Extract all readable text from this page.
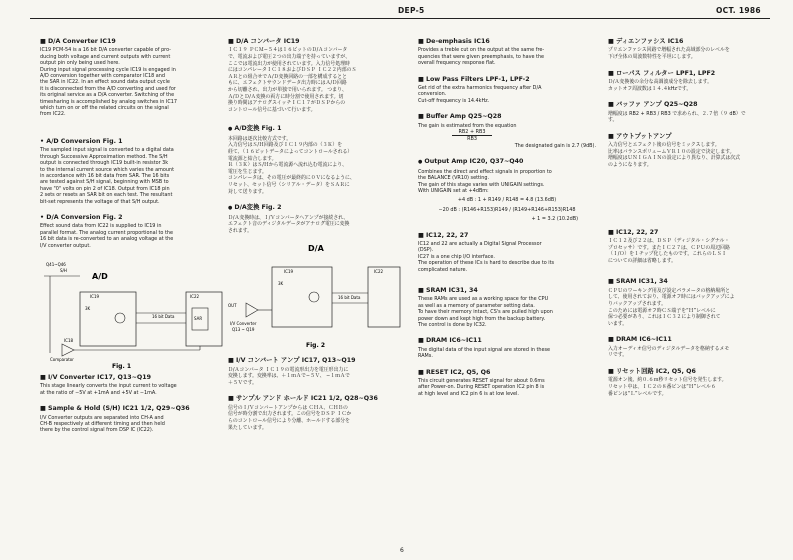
DEP-5	OCT. 1986
■ D/A Converter IC19
IC19 PCM-54 is a 16 bit D/A converter capable of pro-
ducing both voltage and current outputs with current
output pin only being used here.
During input signal processing cycle IC19 is engaged in
A/D conversion together with comparator IC18 and
the SAR in IC22. In an effect sound data output cycle
it is disconnected from the A/D converting and used for
its original service as a D/A converter. Switching of the
timesharing is accomplished by analog switches in IC17
which turn on or off the related circuits on the signal
from IC22.
• A/D Conversion Fig. 1
The sampled input signal is converted to a digital data
through Successive Approximation method. The S/H
output is connected through IC19 built-in resistor 3k
to the internal current source which varies the amount
in accordance with 16 bit data from SAR. The 16 bits
are tested against S/H signal, beginning with MSB to
have "0" volts on pin 2 of IC18. Output from IC18 pin
2 sets or resets an SAR bit on each test. The resultant
bit-set represents the voltage of that S/H output.
• D/A Conversion Fig. 2
Effect sound data from IC22 is supplied to IC19 in
parallel format. The analog current proportional to the
16 bit data is re-converted to an analog voltage at the
I/V converter output.
Q41~Q46
A/D
S/H
IC19
3K
IC22
SAR
16 bit Data
IC18
Comparator
Fig. 1
■ I/V Converter IC17, Q13~Q19
This stage linearly converts the input current to voltage
at the ratio of −5V at +1mA and +5V at −1mA.
■ Sample & Hold (S/H) IC21 1/2, Q29~Q36
I/V Converter outputs are separated into CH-A and
CH-B respectively at different timing and then held
there by the control signal from DSP IC (IC22).
■ D/A コンバータ IC19
ＩＣ１９ ＰＣＭ−５４は１６ビットのＤ/Ａコンバータ
で、電流および電圧２つの出力端子を持っていますが、
ここでは電流出力が使用されています。入力信号処理時
にはコンパレータＩＣ１８およびＤＳＰ ＩＣ２２内部のＳ
ＡＲとの組合せでＡ/Ｄ変換回路の一部を構成するとと
もに、エフェクトサウンドデータ出力時にはＡ/Ｄ回路
から切離され、出力が単独で用いられます。 つまり、
Ａ/ＤとＤ/Ａ変換の両方に時分割で使用されます。切
換り時間はアナログスイッチＩＣ１７がＤＳＰからの
コントロール信号に基づいて行います。
● A/D変換 Fig. 1
本回路は逐次比較方式です。
入力信号はＳ/Ｈ回路及びＩＣ１９内部の（３Ｋ）を
経て、（１６ビットデータによってコントロールされる）
電流源と結合します。
Ｒ（３Ｋ）はＳ/Ｈから電流源へ流れ込む電流により、
電圧を生じます。
コンパレータは、その電圧が最終的に０Ｖになるように、
リセット、セット信号（シリアル・データ）をＳＡＲに
対して送ります。
● D/A変換 Fig. 2
Ｄ/Ａ変換時は、Ｉ/Ｖコンバータへアンプが接続され、
エフェクト音のディジタルデータがアナログ電圧に変換
されます。
D/A
IC19
3K
IC22
16 bit Data
I/V Converter
Q13 ~ Q19
OUT
Fig. 2
■ I/V コンバート アンプ IC17, Q13~Q19
Ｄ/Ａコンバータ ＩＣ１９の電流形出力を電圧形出力に
変換します。変換率は、＋１ｍＡで−５Ｖ、 −１ｍＡで
＋５Ｖです。
■ サンプル アンド ホールド IC21 1/2, Q28~Q36
信号のＩ/Ｖコンバートアンプからは ＣＨＡ、ＣＨＢの
信号が時分割で出力されます。この信号をＤＳＰ ＩＣか
らのコントロール信号により分離、ホールドする部分を
果たしています。
■ De-emphasis IC16
Provides a treble cut on the output at the same fre-
quencies that were given preemphasis, to have the
overall frequency response flat.
■ Low Pass Filters LPF-1, LPF-2
Get rid of the extra harmonics frequency after D/A
conversion.
Cut-off frequency is 14.4kHz.
■ Buffer Amp Q25~Q28
The gain is estimated from the equation
RB2 + RB3
RB3
The designated gain is 2.7 (9dB).
● Output Amp IC20, Q37~Q40
Combines the direct and effect signals in proportion to
the BALANCE (VR10) setting.
The gain of this stage varies with UNIGAIN settings.
With UNIGAIN set at +4dBm:
+4 dB : 1 + R149 / R148 = 4.8 (13.6dB)
−20 dB : (R146+R153)R149 / (R149+R146+R153)R148
+ 1 = 3.2 (10.2dB)
■ IC12, 22, 27
IC12 and 22 are actually a Digital Signal Processor
(DSP).
IC27 is a one chip I/O interface.
The operation of these ICs is hard to describe due to its
complicated nature.
■ SRAM IC31, 34
These RAMs are used as a working space for the CPU
as well as a memory of parameter setting data.
To have their memory intact, CS's are pulled high upon
power down and kept high from the backup battery.
The control is done by IC32.
■ DRAM IC6~IC11
The digital data of the input signal are stored in these
RAMs.
■ RESET IC2, Q5, Q6
This circuit generates RESET signal for about 0.6ms
after Power-on. During RESET operation IC2 pin 8 is
at high level and IC2 pin 6 is at low level.
■ ディエンファシス IC16
プリエンファシス回路で増幅された高域部分のレベルを
下げ全体の周波数特性を平坦にします。
■ ローパス フィルター LPF1, LPF2
Ｄ/Ａ変換後の余分な高調波成分を除去します。
カットオフ周波数は１４.４kHzです。
■ バッファ アンプ Q25~Q28
増幅度は RB2 + RB3 / RB3 で求められ、２.７倍（９ dB）で
す。
■ アウトプットアンプ
入力信号とエフェクト後の信号をミックスします。
比率はバランスボリュームＶＲ１０の設定で決定します。
増幅度はＵＮＩＧＡＩＮの設定により異なり、計算式は次式
のようになります。
■ IC12, 22, 27
ＩＣ１２及び２２は、ＤＳＰ（ディジタル・シグナル・
プロセッサ）です。またＩＣ２７は、ＣＰＵの周辺回路
（Ｉ/Ｏ）を１チップ化したものです。これらのＬＳＩ
についての詳細は省略します。
■ SRAM IC31, 34
ＣＰＵのワーキング用及び設定パラメータの格納場所と
して、使用されており、電源オフ時にはバックアップによ
りバックアップされます。
このためには電源オフ時ＣＳ端子を“Ｈ”レベルに
保つ必要があり、これはＩＣ３２により制御されて
います。
■ DRAM IC6~IC11
入力オーディオ信号のディジタルデータを格納するメモ
リです。
■ リセット回路 IC2, Q5, Q6
電源オン後、約０.６ｍ秒リセット信号を発生します。
リセット中は、ＩＣ２の８番ピンは“Ｈ”レベル６
番ピンは“Ｌ”レベルです。
6
